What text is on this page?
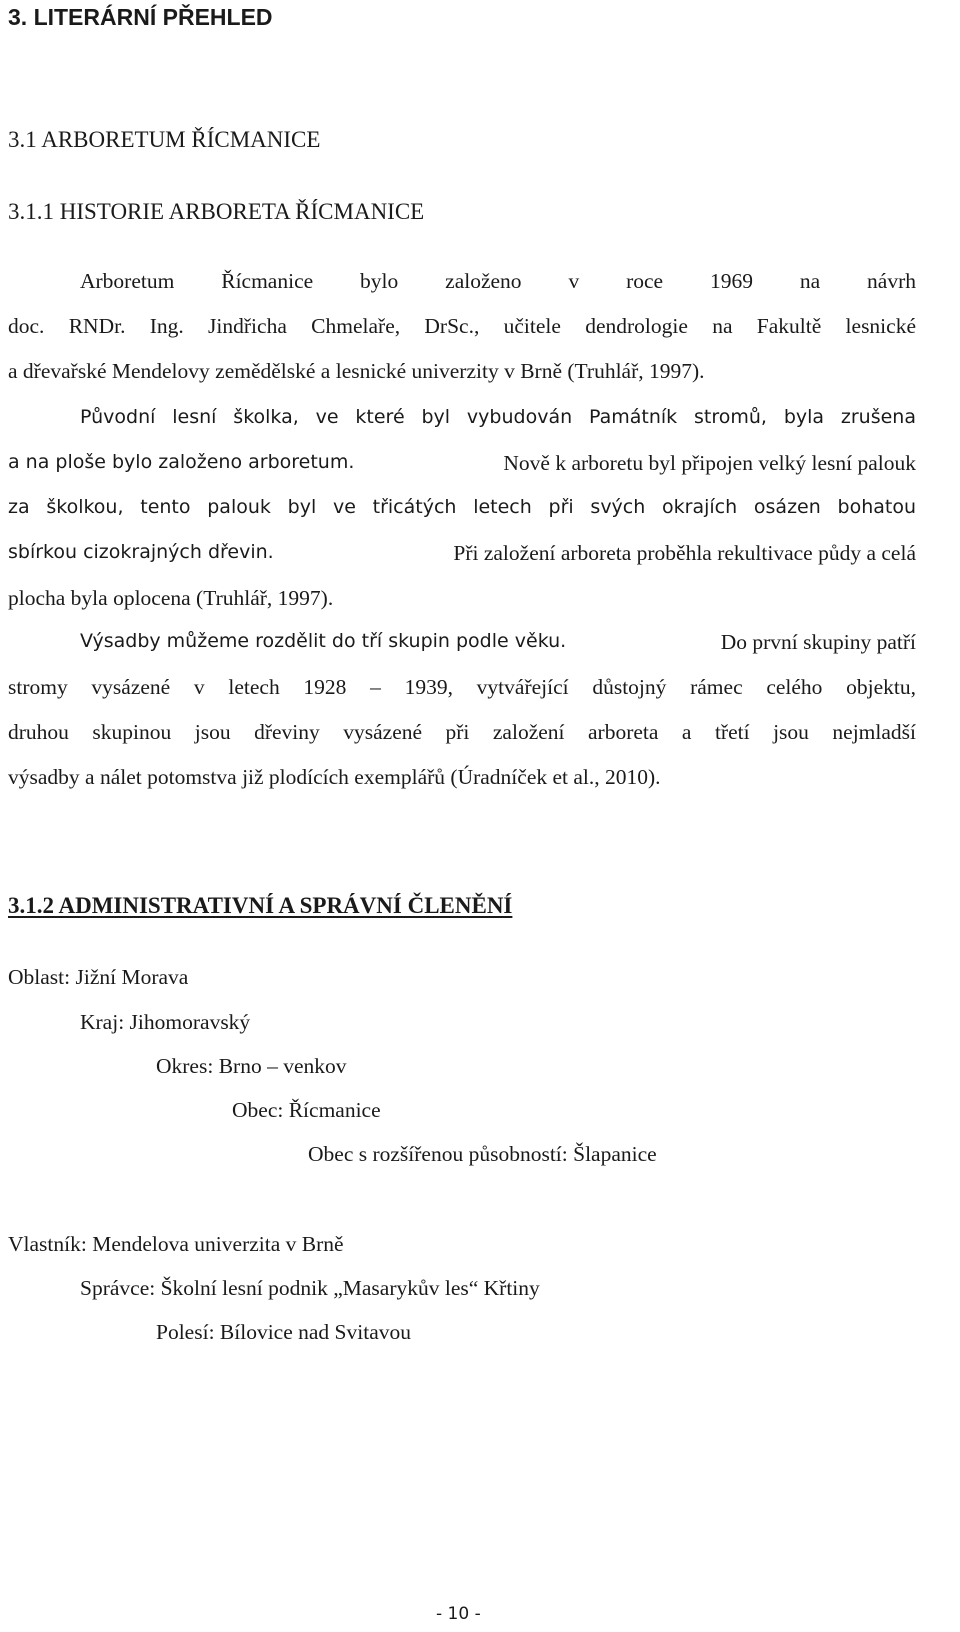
3. LITERÁRNÍ PŘEHLED
3.1 ARBORETUM ŘÍCMANICE
3.1.1 HISTORIE ARBORETA ŘÍCMANICE

Arboretum Řícmanice bylo založeno v roce 1969 na návrh

doc. RNDr. Ing. Jindřicha Chmelaře, DrSc., učitele dendrologie na Fakultě lesnické

a dřevařské Mendelovy zemědělské a lesnické univerzity v Brně (Truhlář, 1997).

Původní lesní školka, ve které byl vybudován Památník stromů, byla zrušena

a na ploše bylo založeno arboretum.	Nově k arboretu byl připojen velký lesní palouk

za školkou, tento palouk byl ve třicátých letech při svých okrajích osázen bohatou

sbírkou cizokrajných dřevin.	Při založení arboreta proběhla rekultivace půdy a celá

plocha byla oplocena (Truhlář, 1997).

Výsadby můžeme rozdělit do tří skupin podle věku.	Do první skupiny patří

stromy vysázené v letech 1928 – 1939, vytvářející důstojný rámec celého objektu,

druhou skupinou jsou dřeviny vysázené při založení arboreta a třetí jsou nejmladší

výsadby a nálet potomstva již plodících exemplářů (Úradníček et al., 2010).

3.1.2 ADMINISTRATIVNÍ A SPRÁVNÍ ČLENĚNÍ

Oblast: Jižní Morava

Kraj: Jihomoravský

Okres: Brno – venkov

Obec: Řícmanice

Obec s rozšířenou působností: Šlapanice

Vlastník: Mendelova univerzita v Brně

Správce: Školní lesní podnik „Masarykův les“ Křtiny

Polesí: Bílovice nad Svitavou

- 10 -
